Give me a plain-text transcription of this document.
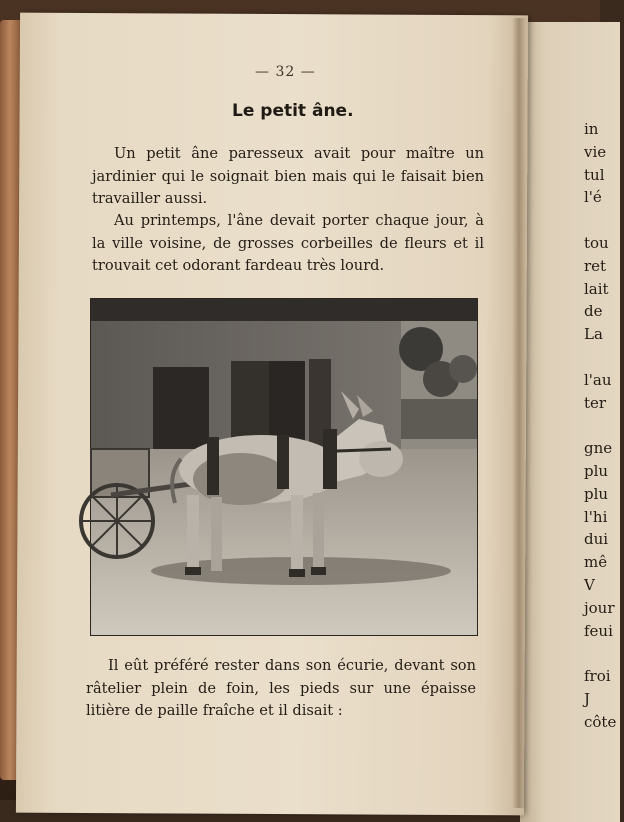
— 32 —
Le petit âne.
Un petit âne paresseux avait pour maître un jardinier qui le soignait bien mais qui le faisait bien travailler aussi.
Au printemps, l'âne devait porter chaque jour, à la ville voisine, de grosses corbeilles de fleurs et il trouvait cet odorant fardeau très lourd.
Il eût préféré rester dans son écurie, devant son râtelier plein de foin, les pieds sur une épaisse litière de paille fraîche et il disait :
in
vie
tul
l'é

tou
ret
lait
de
La

l'au
ter

gne
plu
plu
l'hi
dui
mê
V
jour
feui

froi
J
côte
